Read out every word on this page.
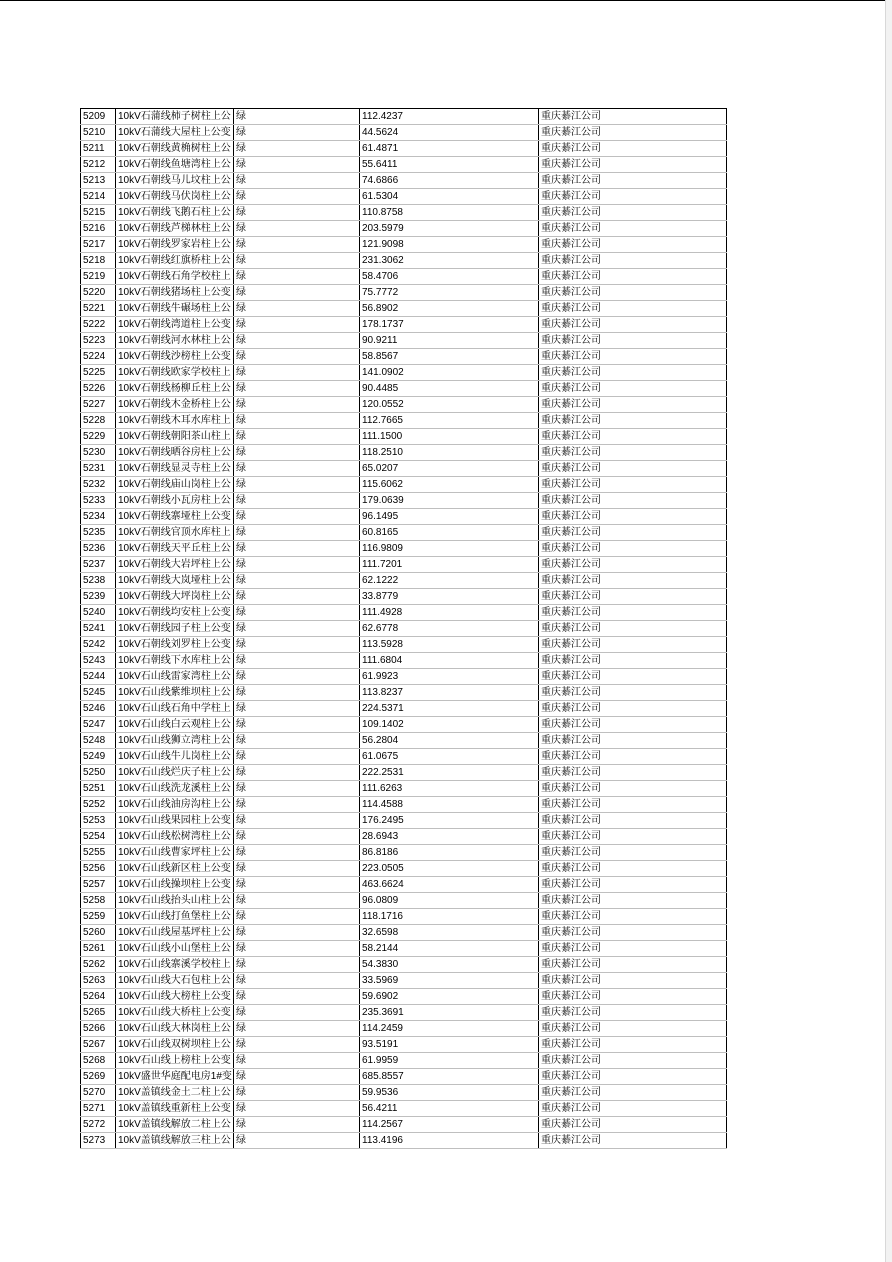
5209	10kV石蒲线柿子树柱上公	绿	112.4237	重庆綦江公司
5210	10kV石蒲线大屋柱上公变	绿	44.5624	重庆綦江公司
5211	10kV石朝线黄桷树柱上公	绿	61.4871	重庆綦江公司
5212	10kV石朝线鱼塘湾柱上公	绿	55.6411	重庆綦江公司
5213	10kV石朝线马儿坟柱上公	绿	74.6866	重庆綦江公司
5214	10kV石朝线马伏岗柱上公	绿	61.5304	重庆綦江公司
5215	10kV石朝线飞鹅石柱上公	绿	110.8758	重庆綦江公司
5216	10kV石朝线芦梯林柱上公	绿	203.5979	重庆綦江公司
5217	10kV石朝线罗家岩柱上公	绿	121.9098	重庆綦江公司
5218	10kV石朝线红旗桥柱上公	绿	231.3062	重庆綦江公司
5219	10kV石朝线石角学校柱上	绿	58.4706	重庆綦江公司
5220	10kV石朝线猪场柱上公变	绿	75.7772	重庆綦江公司
5221	10kV石朝线牛碾场柱上公	绿	56.8902	重庆綦江公司
5222	10kV石朝线湾道柱上公变	绿	178.1737	重庆綦江公司
5223	10kV石朝线河水林柱上公	绿	90.9211	重庆綦江公司
5224	10kV石朝线沙榜柱上公变	绿	58.8567	重庆綦江公司
5225	10kV石朝线欧家学校柱上	绿	141.0902	重庆綦江公司
5226	10kV石朝线杨柳丘柱上公	绿	90.4485	重庆綦江公司
5227	10kV石朝线木金桥柱上公	绿	120.0552	重庆綦江公司
5228	10kV石朝线木耳水库柱上	绿	112.7665	重庆綦江公司
5229	10kV石朝线朝阳茶山柱上	绿	111.1500	重庆綦江公司
5230	10kV石朝线晒谷房柱上公	绿	118.2510	重庆綦江公司
5231	10kV石朝线显灵寺柱上公	绿	65.0207	重庆綦江公司
5232	10kV石朝线庙山岗柱上公	绿	115.6062	重庆綦江公司
5233	10kV石朝线小瓦房柱上公	绿	179.0639	重庆綦江公司
5234	10kV石朝线寨垭柱上公变	绿	96.1495	重庆綦江公司
5235	10kV石朝线官顶水库柱上	绿	60.8165	重庆綦江公司
5236	10kV石朝线天平丘柱上公	绿	116.9809	重庆綦江公司
5237	10kV石朝线大岩坪柱上公	绿	111.7201	重庆綦江公司
5238	10kV石朝线大岚垭柱上公	绿	62.1222	重庆綦江公司
5239	10kV石朝线大坪岗柱上公	绿	33.8779	重庆綦江公司
5240	10kV石朝线均安柱上公变	绿	111.4928	重庆綦江公司
5241	10kV石朝线园子柱上公变	绿	62.6778	重庆綦江公司
5242	10kV石朝线刘罗柱上公变	绿	113.5928	重庆綦江公司
5243	10kV石朝线下水库柱上公	绿	111.6804	重庆綦江公司
5244	10kV石山线雷家湾柱上公	绿	61.9923	重庆綦江公司
5245	10kV石山线紫维坝柱上公	绿	113.8237	重庆綦江公司
5246	10kV石山线石角中学柱上	绿	224.5371	重庆綦江公司
5247	10kV石山线白云观柱上公	绿	109.1402	重庆綦江公司
5248	10kV石山线狮立湾柱上公	绿	56.2804	重庆綦江公司
5249	10kV石山线牛儿岗柱上公	绿	61.0675	重庆綦江公司
5250	10kV石山线烂庆子柱上公	绿	222.2531	重庆綦江公司
5251	10kV石山线洗龙溪柱上公	绿	111.6263	重庆綦江公司
5252	10kV石山线油房沟柱上公	绿	114.4588	重庆綦江公司
5253	10kV石山线果园柱上公变	绿	176.2495	重庆綦江公司
5254	10kV石山线松树湾柱上公	绿	28.6943	重庆綦江公司
5255	10kV石山线曹家坪柱上公	绿	86.8186	重庆綦江公司
5256	10kV石山线新区柱上公变	绿	223.0505	重庆綦江公司
5257	10kV石山线操坝柱上公变	绿	463.6624	重庆綦江公司
5258	10kV石山线抬头山柱上公	绿	96.0809	重庆綦江公司
5259	10kV石山线打鱼堡柱上公	绿	118.1716	重庆綦江公司
5260	10kV石山线屋基坪柱上公	绿	32.6598	重庆綦江公司
5261	10kV石山线小山堡柱上公	绿	58.2144	重庆綦江公司
5262	10kV石山线寨溪学校柱上	绿	54.3830	重庆綦江公司
5263	10kV石山线大石包柱上公	绿	33.5969	重庆綦江公司
5264	10kV石山线大榜柱上公变	绿	59.6902	重庆綦江公司
5265	10kV石山线大桥柱上公变	绿	235.3691	重庆綦江公司
5266	10kV石山线大林岗柱上公	绿	114.2459	重庆綦江公司
5267	10kV石山线双树坝柱上公	绿	93.5191	重庆綦江公司
5268	10kV石山线上榜柱上公变	绿	61.9959	重庆綦江公司
5269	10kV盛世华庭配电房1#变	绿	685.8557	重庆綦江公司
5270	10kV盖镇线金土二柱上公	绿	59.9536	重庆綦江公司
5271	10kV盖镇线重新柱上公变	绿	56.4211	重庆綦江公司
5272	10kV盖镇线解放二柱上公	绿	114.2567	重庆綦江公司
5273	10kV盖镇线解放三柱上公	绿	113.4196	重庆綦江公司
